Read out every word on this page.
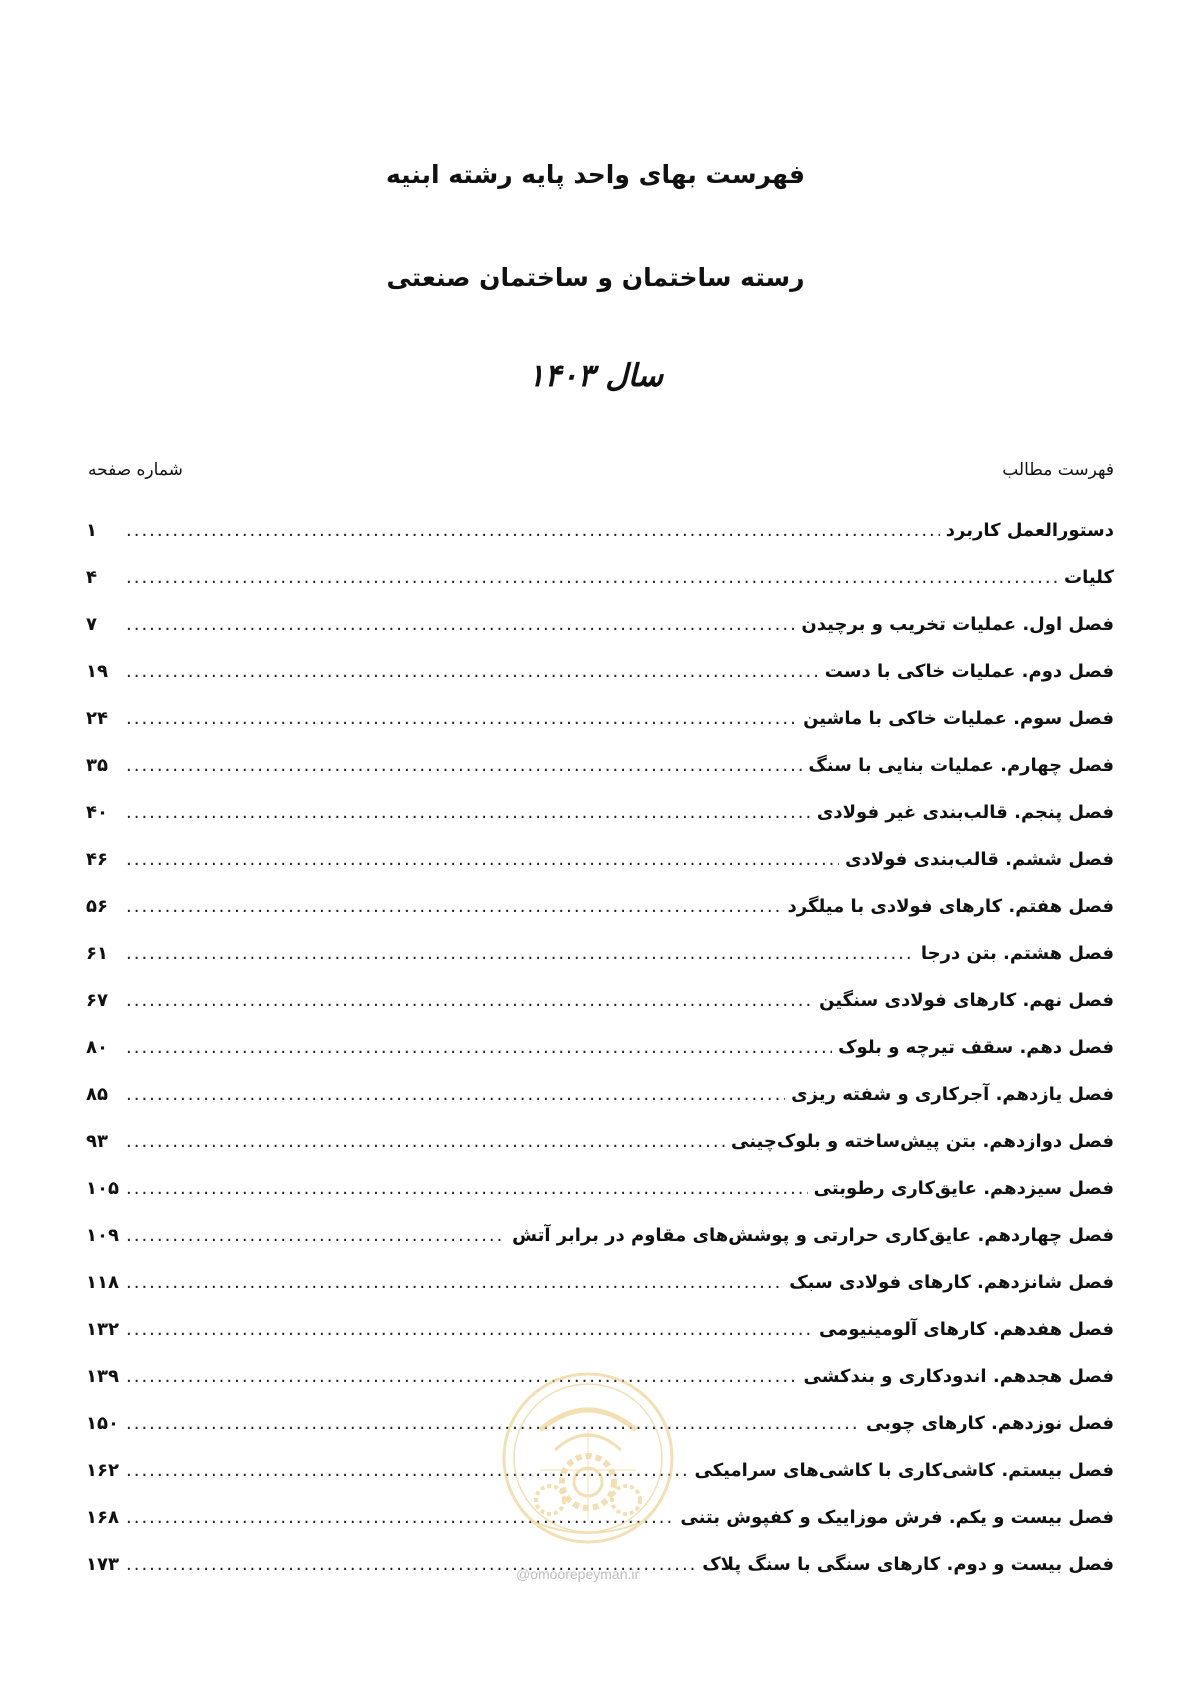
فهرست بهای واحد پایه رشته ابنیه
رسته ساختمان و ساختمان صنعتی
سال ۱۴۰۳
فهرست مطالب
شماره صفحه
دستورالعمل کاربرد
.....
۱
کلیات
.....
۴
فصل اول. عملیات تخریب و برچیدن
.....
۷
فصل دوم. عملیات خاکی با دست
.....
۱۹
فصل سوم. عملیات خاکی با ماشین
.....
۲۴
فصل چهارم. عملیات بنایی با سنگ
.....
۳۵
فصل پنجم. قالب‌بندی غیر فولادی
.....
۴۰
فصل ششم. قالب‌بندی فولادی
.....
۴۶
فصل هفتم. کارهای فولادی با میلگرد
.....
۵۶
فصل هشتم. بتن درجا
.....
۶۱
فصل نهم. کارهای فولادی سنگین
.....
۶۷
فصل دهم. سقف تیرچه و بلوک
.....
۸۰
فصل یازدهم. آجرکاری و شفته ریزی
.....
۸۵
فصل دوازدهم. بتن پیش‌ساخته و بلوک‌چینی
.....
۹۳
فصل سیزدهم. عایق‌کاری رطوبتی
.....
۱۰۵
فصل چهاردهم. عایق‌کاری حرارتی و پوشش‌های مقاوم در برابر آتش
.....
۱۰۹
فصل شانزدهم. کارهای فولادی سبک
.....
۱۱۸
فصل هفدهم. کارهای آلومینیومی
.....
۱۳۲
فصل هجدهم. اندودکاری و بندکشی
.....
۱۳۹
فصل نوزدهم. کارهای چوبی
.....
۱۵۰
فصل بیستم. کاشی‌کاری با کاشی‌های سرامیکی
.....
۱۶۲
فصل بیست و یکم. فرش موزاییک و کفپوش بتنی
.....
۱۶۸
فصل بیست و دوم. کارهای سنگی با سنگ پلاک
.....
۱۷۳	@omoorepeyman.ir
